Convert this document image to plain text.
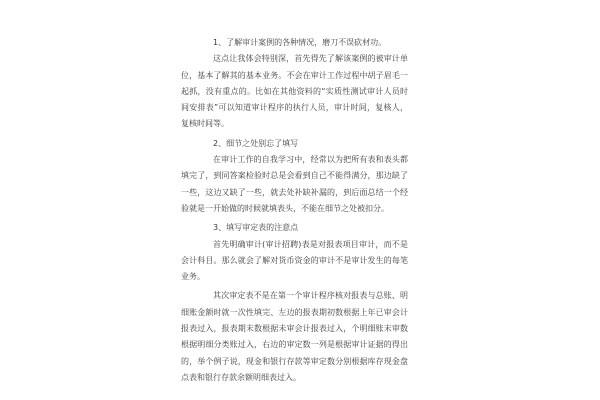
1、了解审计案例的各种情况，磨刀不误砍材功。

这点让我体会特别深，首先得先了解该案例的被审计单位，基本了解其的基本业务。不会在审计工作过程中胡子眉毛一起抓，没有重点的。比如在其他资料的“实质性测试审计人员时间安排表”可以知道审计程序的执行人员，审计时间，复核人，复核时间等。

2、细节之处别忘了填写

在审计工作的自我学习中，经常以为把所有表和表头都填完了，到同答案检验时总是会看到自己不能得满分，那边缺了一些，这边又缺了一些，就去处补缺补漏的，到后面总结一个经验就是一开始做的时候就填表头，不能在细节之处被扣分。

3、填写审定表的注意点

首先明确审计(审计招聘)表是对报表项目审计，而不是会计科目。那么就会了解对货币资金的审计不是审计发生的每笔业务。

其次审定表不是在第一个审计程序核对报表与总账、明细账金额时就一次性填完、左边的报表期初数根据上年已审会计报表过入，报表期末数根据未审会计报表过入，个明细账末审数根据明细分类账过入，右边的审定数一列是根据审计证据的得出的，举个例子说，现金和银行存款等审定数分别根据库存现金盘点表和银行存款余额明细表过入。
